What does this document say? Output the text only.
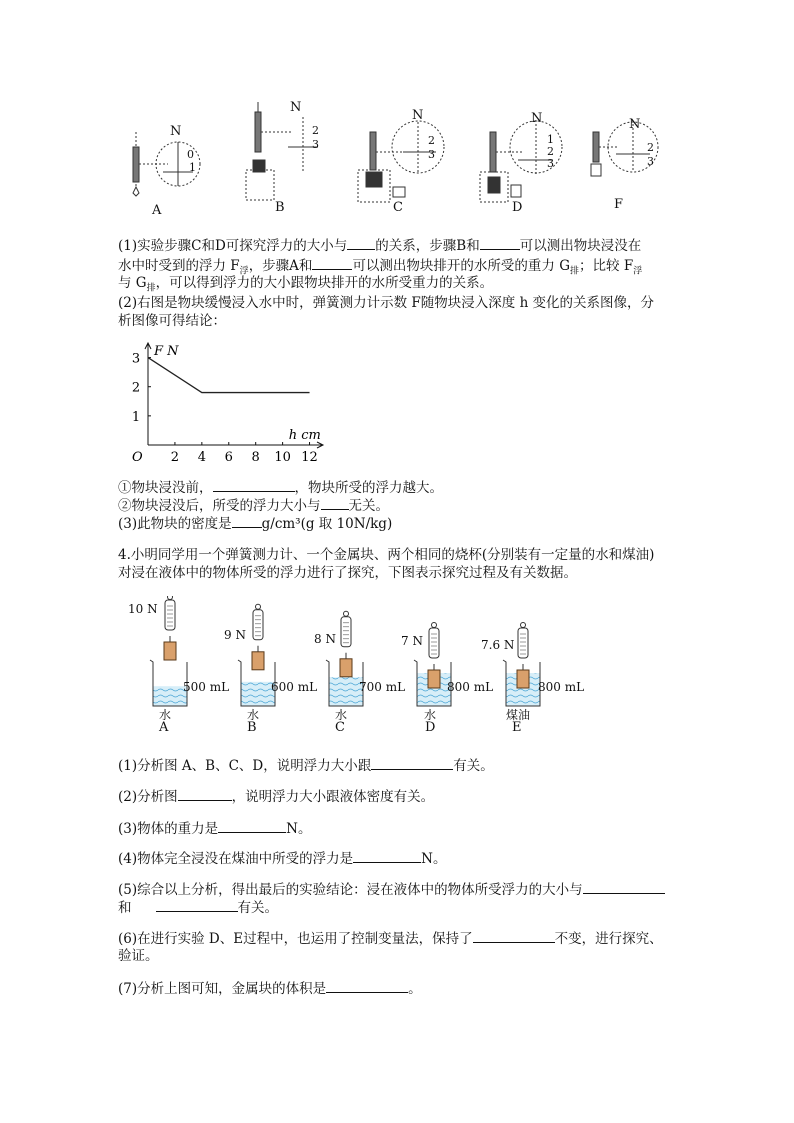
N
0
1
N
2
3
N
2
3
N
1
2
3
N
2
3
A	B	C	D	F
(1)实验步骤C和D可探究浮力的大小与 的关系，步骤B和	可以测出物块浸没在
水中时受到的浮力 $F_浮$，步骤A和	可以测出物块排开的水所受的重力 $G_排$；比较 $F_浮$
与 $G_排$，可以得到浮力的大小跟物块排开的水所受重力的关系。
(2)右图是物块缓慢浸入水中时，弹簧测力计示数 F随物块浸入深度 h 变化的关系图像，分
析图像可得结论：
2 4 6 8 10 12
1
2
3
O
F N
h cm
①物块浸没前，	，物块所受的浮力越大。
②物块浸没后，所受的浮力大小与 无关。
(3)此物块的密度是 g/cm³(g 取 10N/kg)
4.小明同学用一个弹簧测力计、一个金属块、两个相同的烧杯(分别装有一定量的水和煤油)
对浸在液体中的物体所受的浮力进行了探究，下图表示探究过程及有关数据。
10 N
9 N	8 N	7 N	7.6 N
500 mL	600 mL	700 mL	800 mL	800 mL
水	水	水	水	煤油
A	B	C	D	E
(1)分析图 A、B、C、D，说明浮力大小跟	有关。
(2)分析图	，说明浮力大小跟液体密度有关。
(3)物体的重力是	N。
(4)物体完全浸没在煤油中所受的浮力是	N。
(5)综合以上分析，得出最后的实验结论：浸在液体中的物体所受浮力的大小与
和	有关。
(6)在进行实验 D、E过程中，也运用了控制变量法，保持了	不变，进行探究、
验证。
(7)分析上图可知，金属块的体积是	。
